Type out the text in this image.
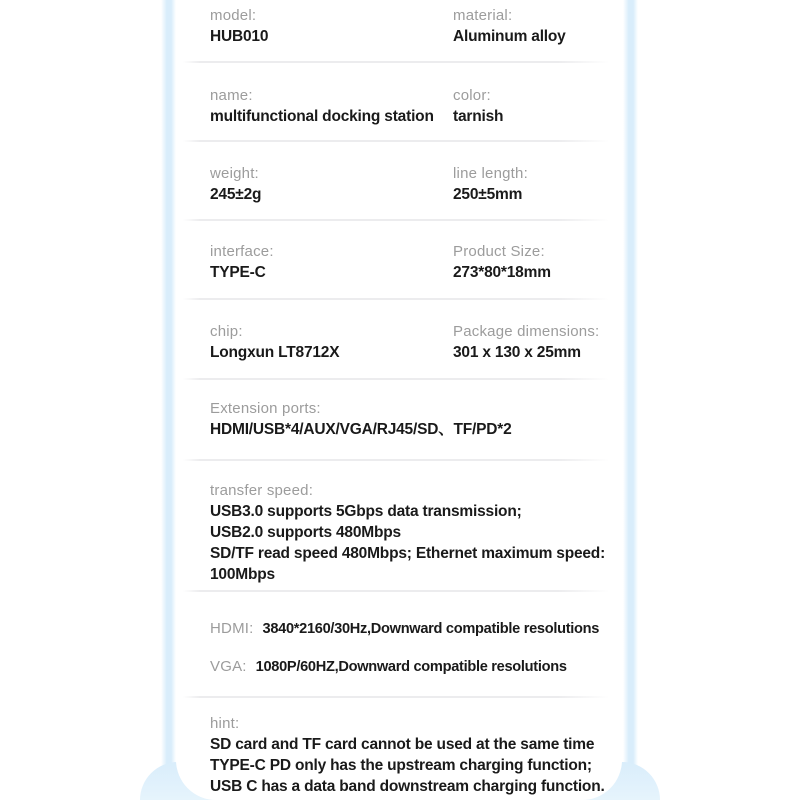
model:
HUB010
material:
Aluminum alloy
name:
multifunctional docking station
color:
tarnish
weight:
245±2g
line length:
250±5mm
interface:
TYPE-C
Product Size:
273*80*18mm
chip:
Longxun LT8712X
Package dimensions:
301 x 130 x 25mm
Extension ports:
HDMI/USB*4/AUX/VGA/RJ45/SD、TF/PD*2
transfer speed:
USB3.0 supports 5Gbps data transmission;
USB2.0 supports 480Mbps
SD/TF read speed 480Mbps; Ethernet maximum speed:
100Mbps
HDMI: 3840*2160/30Hz,Downward compatible resolutions
VGA: 1080P/60HZ,Downward compatible resolutions
hint:
SD card and TF card cannot be used at the same time
TYPE-C PD only has the upstream charging function;
USB C has a data band downstream charging function.
